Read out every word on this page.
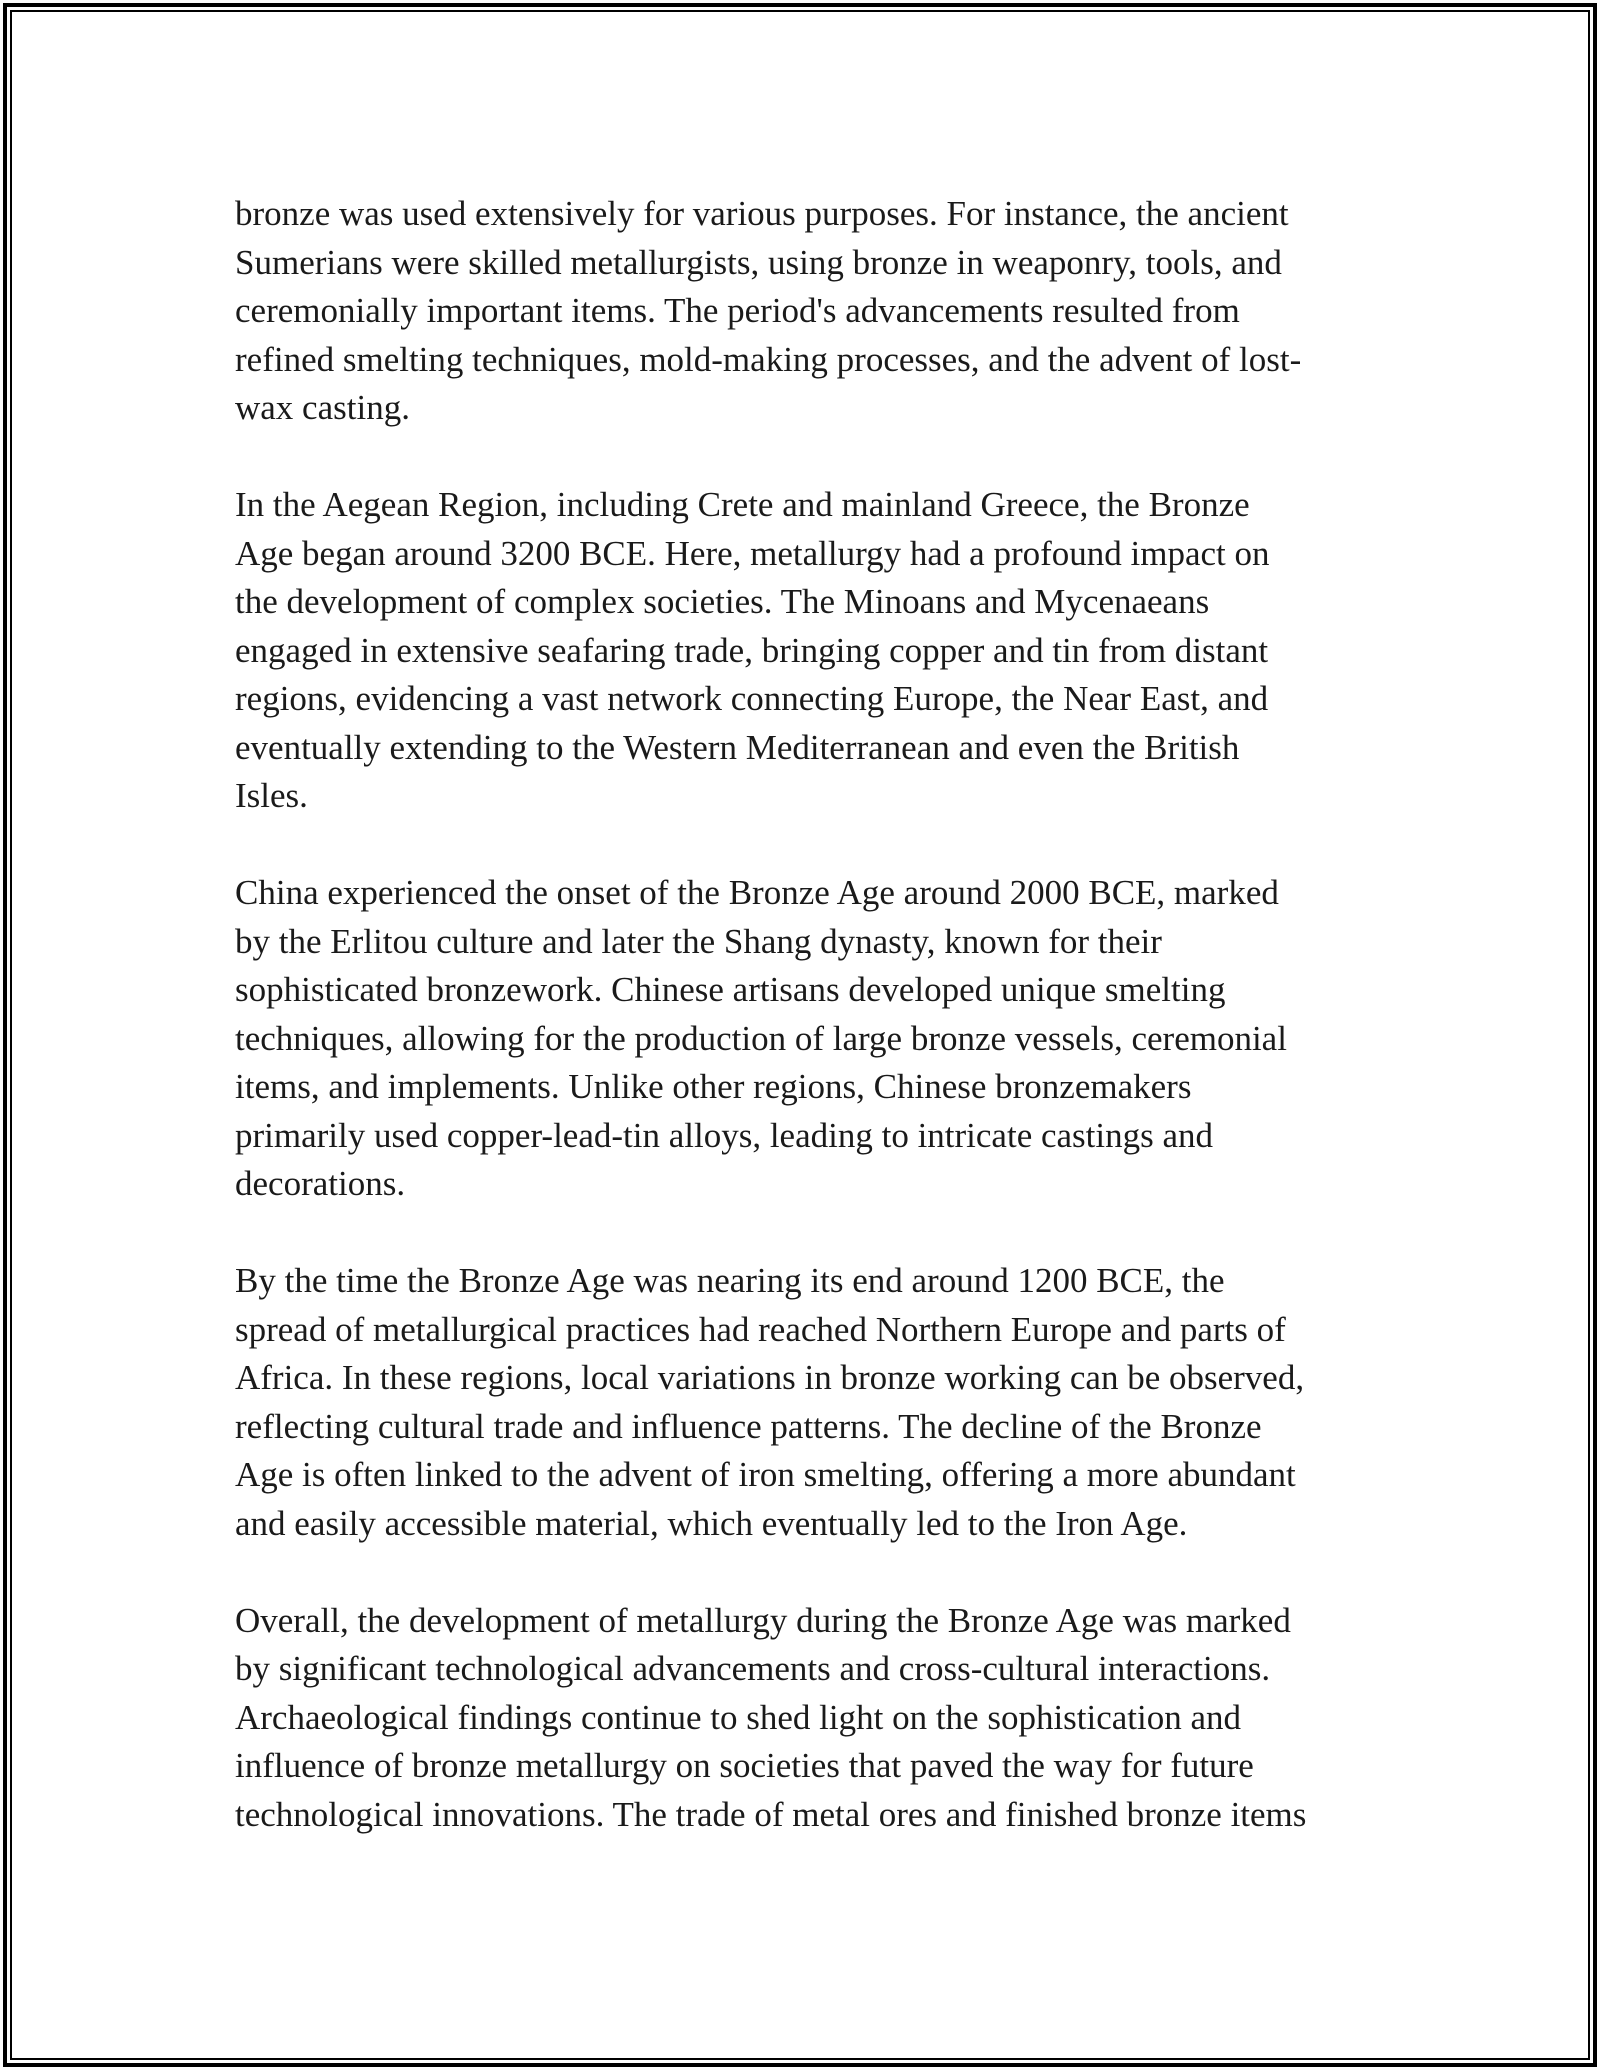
bronze was used extensively for various purposes. For instance, the ancient
Sumerians were skilled metallurgists, using bronze in weaponry, tools, and
ceremonially important items. The period's advancements resulted from
refined smelting techniques, mold-making processes, and the advent of lost-
wax casting.

In the Aegean Region, including Crete and mainland Greece, the Bronze
Age began around 3200 BCE. Here, metallurgy had a profound impact on
the development of complex societies. The Minoans and Mycenaeans
engaged in extensive seafaring trade, bringing copper and tin from distant
regions, evidencing a vast network connecting Europe, the Near East, and
eventually extending to the Western Mediterranean and even the British
Isles.

China experienced the onset of the Bronze Age around 2000 BCE, marked
by the Erlitou culture and later the Shang dynasty, known for their
sophisticated bronzework. Chinese artisans developed unique smelting
techniques, allowing for the production of large bronze vessels, ceremonial
items, and implements. Unlike other regions, Chinese bronzemakers
primarily used copper-lead-tin alloys, leading to intricate castings and
decorations.

By the time the Bronze Age was nearing its end around 1200 BCE, the
spread of metallurgical practices had reached Northern Europe and parts of
Africa. In these regions, local variations in bronze working can be observed,
reflecting cultural trade and influence patterns. The decline of the Bronze
Age is often linked to the advent of iron smelting, offering a more abundant
and easily accessible material, which eventually led to the Iron Age.

Overall, the development of metallurgy during the Bronze Age was marked
by significant technological advancements and cross-cultural interactions.
Archaeological findings continue to shed light on the sophistication and
influence of bronze metallurgy on societies that paved the way for future
technological innovations. The trade of metal ores and finished bronze items
